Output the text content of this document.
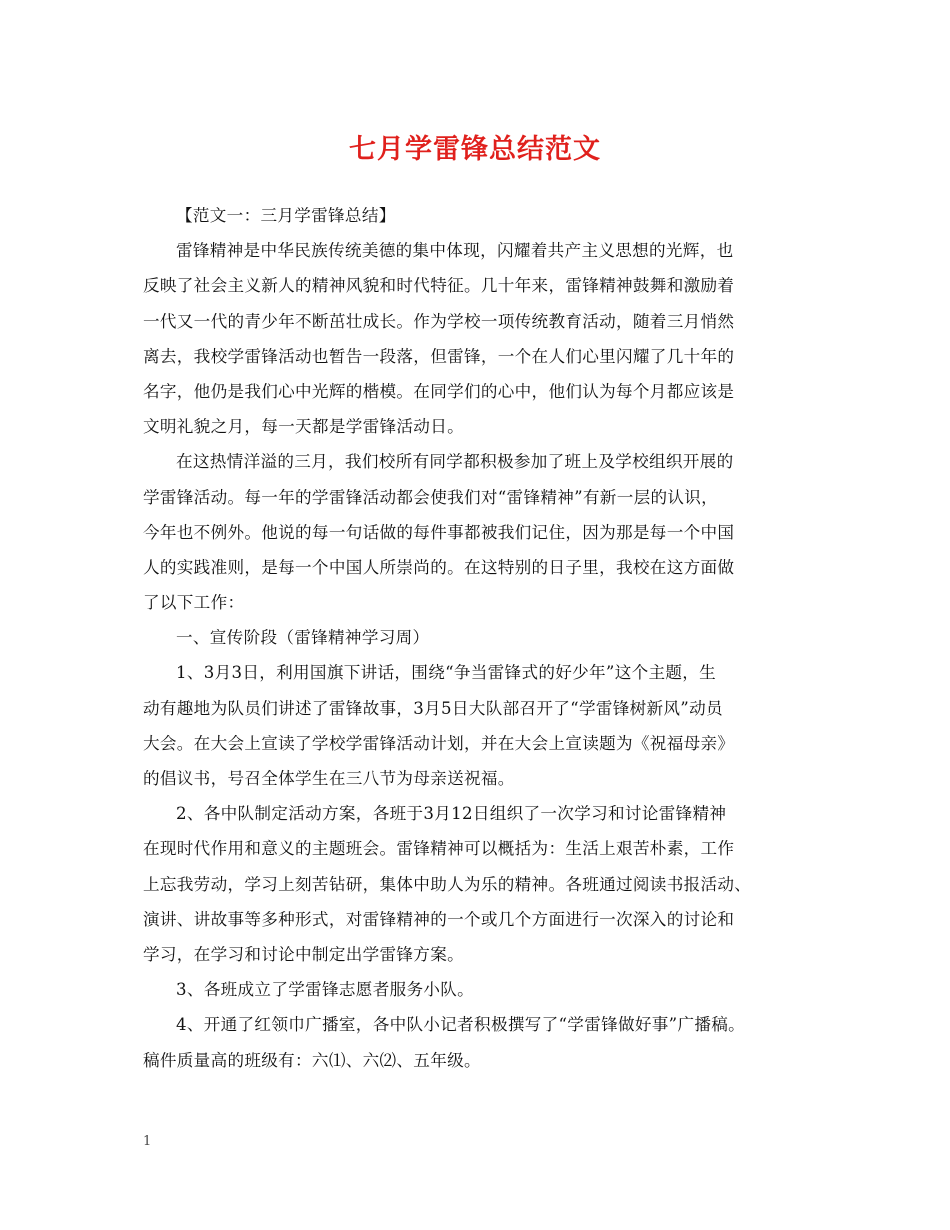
七月学雷锋总结范文
【范文一：三月学雷锋总结】
雷锋精神是中华民族传统美德的集中体现，闪耀着共产主义思想的光辉，也
反映了社会主义新人的精神风貌和时代特征。几十年来，雷锋精神鼓舞和激励着
一代又一代的青少年不断茁壮成长。作为学校一项传统教育活动，随着三月悄然
离去，我校学雷锋活动也暂告一段落，但雷锋，一个在人们心里闪耀了几十年的
名字，他仍是我们心中光辉的楷模。在同学们的心中，他们认为每个月都应该是
文明礼貌之月，每一天都是学雷锋活动日。
在这热情洋溢的三月，我们校所有同学都积极参加了班上及学校组织开展的
学雷锋活动。每一年的学雷锋活动都会使我们对“雷锋精神”有新一层的认识，
今年也不例外。他说的每一句话做的每件事都被我们记住，因为那是每一个中国
人的实践准则，是每一个中国人所崇尚的。在这特别的日子里，我校在这方面做
了以下工作：
一、宣传阶段（雷锋精神学习周）
1、3月3日，利用国旗下讲话，围绕“争当雷锋式的好少年”这个主题，生
动有趣地为队员们讲述了雷锋故事，3月5日大队部召开了“学雷锋树新风”动员
大会。在大会上宣读了学校学雷锋活动计划，并在大会上宣读题为《祝福母亲》
的倡议书，号召全体学生在三八节为母亲送祝福。
2、各中队制定活动方案，各班于3月12日组织了一次学习和讨论雷锋精神
在现时代作用和意义的主题班会。雷锋精神可以概括为：生活上艰苦朴素，工作
上忘我劳动，学习上刻苦钻研，集体中助人为乐的精神。各班通过阅读书报活动、
演讲、讲故事等多种形式，对雷锋精神的一个或几个方面进行一次深入的讨论和
学习，在学习和讨论中制定出学雷锋方案。
3、各班成立了学雷锋志愿者服务小队。
4、开通了红领巾广播室，各中队小记者积极撰写了“学雷锋做好事”广播稿。
稿件质量高的班级有：六⑴、六⑵、五年级。
1
